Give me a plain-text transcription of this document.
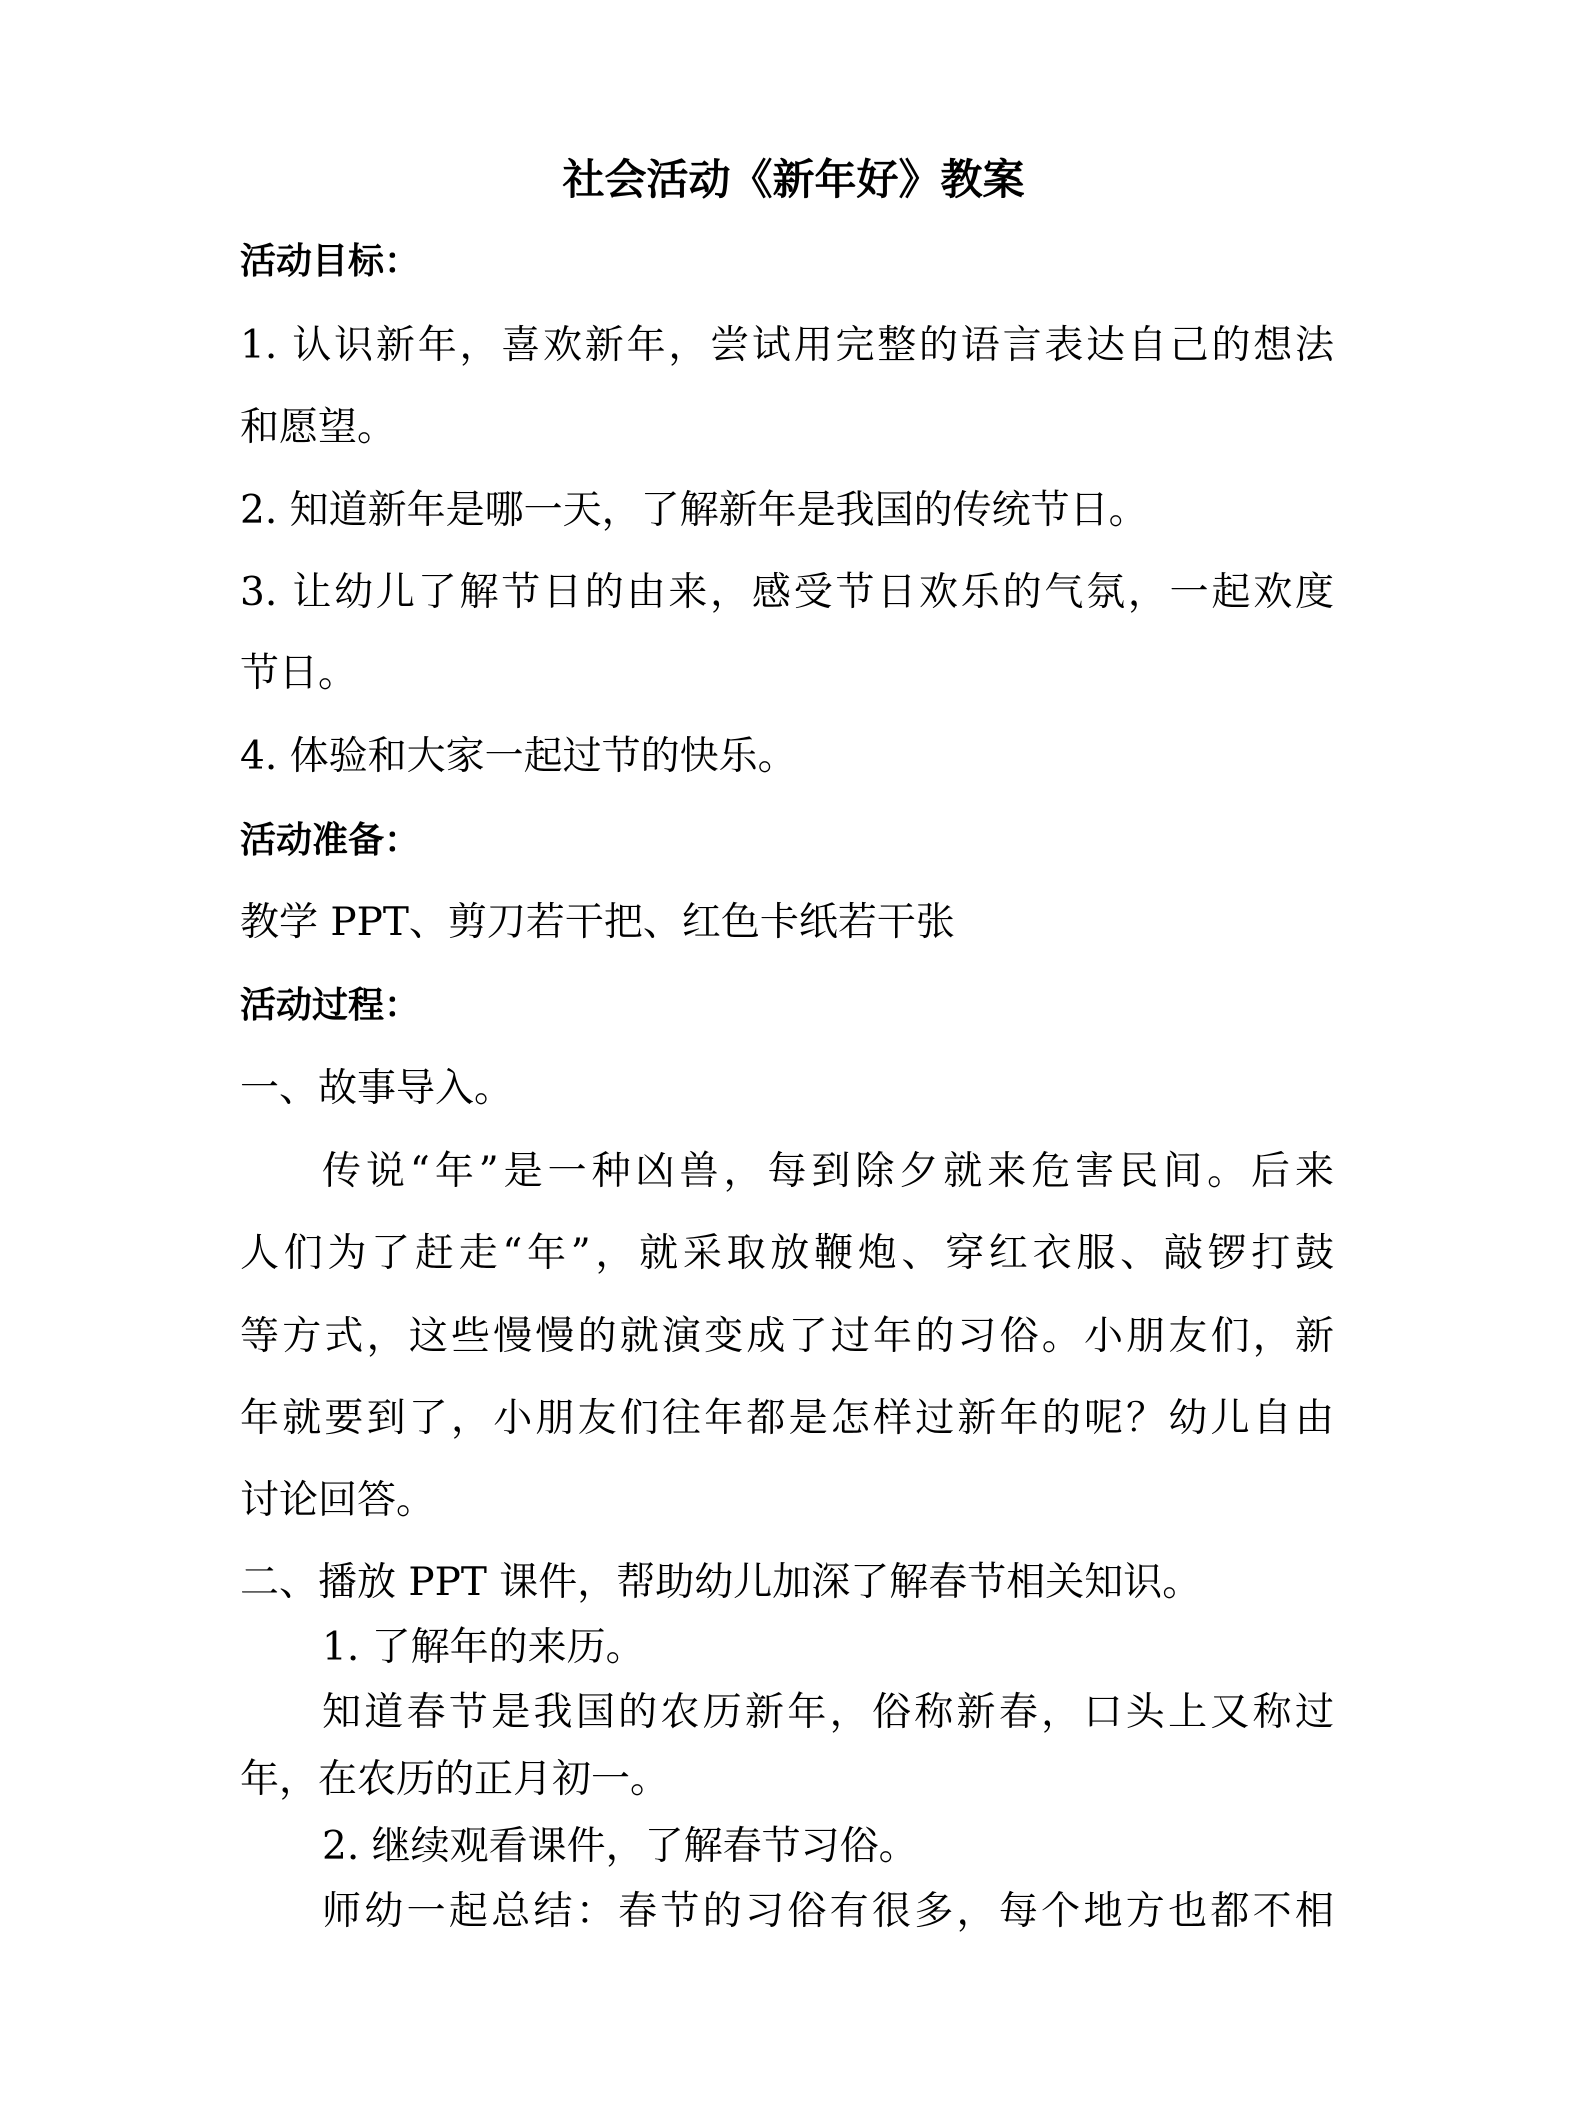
社会活动《新年好》教案
活动目标：
1. 认识新年，喜欢新年，尝试用完整的语言表达自己的想法
和愿望。
2. 知道新年是哪一天，了解新年是我国的传统节日。
3. 让幼儿了解节日的由来，感受节日欢乐的气氛，一起欢度
节日。
4. 体验和大家一起过节的快乐。
活动准备：
教学 PPT、剪刀若干把、红色卡纸若干张
活动过程：
一、故事导入。
传说“年”是一种凶兽，每到除夕就来危害民间。后来
人们为了赶走“年”，就采取放鞭炮、穿红衣服、敲锣打鼓
等方式，这些慢慢的就演变成了过年的习俗。小朋友们，新
年就要到了，小朋友们往年都是怎样过新年的呢？幼儿自由
讨论回答。
二、播放 PPT 课件，帮助幼儿加深了解春节相关知识。
1. 了解年的来历。
知道春节是我国的农历新年，俗称新春，口头上又称过
年，在农历的正月初一。
2. 继续观看课件，了解春节习俗。
师幼一起总结：春节的习俗有很多，每个地方也都不相
